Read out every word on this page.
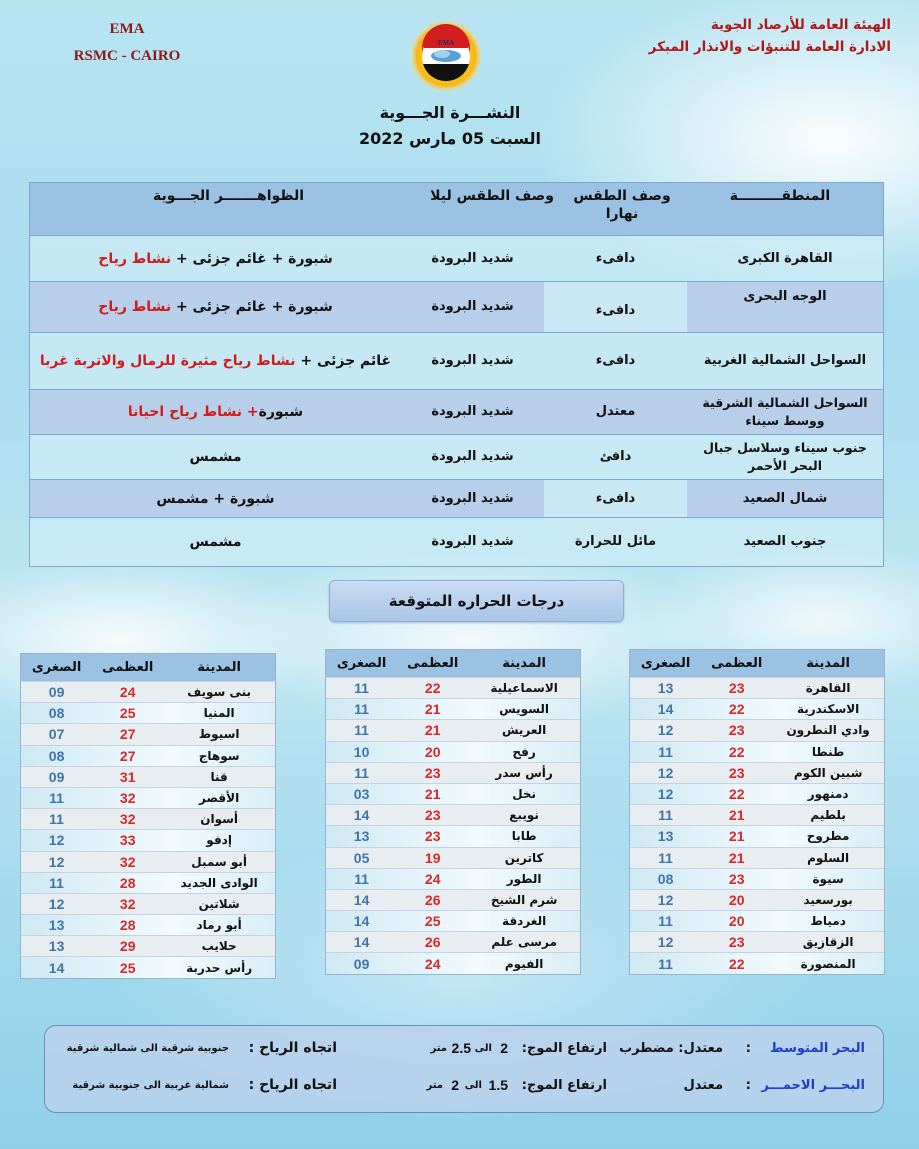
EMA
RSMC - CAIRO
EMA
الهيئة العامة للأرصاد الجوية
الادارة العامة للتنبؤات والانذار المبكر
النشـــرة الجـــوية
السبت 05 مارس 2022
المنطقـــــــــة
وصف الطقس نهارا
وصف الطقس ليلا
الظواهـــــــر الجـــوية
القاهرة الكبرى
دافىء
شديد البرودة
شبورة + غائم جزئى +

نشاط رياح
الوجه البحرى
دافىء
شديد البرودة
شبورة + غائم جزئى +

نشاط رياح
السواحل الشمالية الغربية
دافىء
شديد البرودة
غائم جزئى +

نشاط رياح مثيرة للرمال والاتربة غربا
السواحل الشمالية الشرقية ووسط سيناء
معتدل
شديد البرودة
شبورة
+ نشاط رياح احيانا
جنوب سيناء وسلاسل جبال البحر الأحمر
دافئ
شديد البرودة
مشمس
شمال الصعيد
دافىء
شديد البرودة
شبورة + مشمس
جنوب الصعيد
مائل للحرارة
شديد البرودة
مشمس
درجات الحراره المتوقعة
المدينة
العظمى
الصغرى
القاهرة
23
13
الاسكندرية
22
14
وادي النطرون
23
12
طنطا
22
11
شبين الكوم
23
12
دمنهور
22
12
بلطيم
21
11
مطروح
21
13
السلوم
21
11
سيوة
23
08
بورسعيد
20
12
دمياط
20
11
الزقازيق
23
12
المنصورة
22
11
المدينة
العظمى
الصغرى
الاسماعيلية
22
11
السويس
21
11
العريش
21
11
رفح
20
10
رأس سدر
23
11
نخل
21
03
نويبع
23
14
طابا
23
13
كاترين
19
05
الطور
24
11
شرم الشيخ
26
14
الغردقة
25
14
مرسى علم
26
14
الفيوم
24
09
المدينة
العظمى
الصغرى
بنى سويف
24
09
المنيا
25
08
اسيوط
27
07
سوهاج
27
08
قنا
31
09
الأقصر
32
11
أسوان
32
11
إدفو
33
12
أبو سمبل
32
12
الوادى الجديد
28
11
شلاتين
32
12
أبو رماد
28
13
حلايب
29
13
رأس حدربة
25
14
البحر المتوسط
:
معتدل: مضطرب
ارتفاع الموج:
2
الى
2.5
متر
اتجاه الرياح :
جنوبية شرقية الى شمالية شرقية
البحـــر الاحمـــر
:
معتدل
ارتفاع الموج:
1.5
الى
2
متر
اتجاه الرياح :
شمالية غربية الى جنوبية شرقية
